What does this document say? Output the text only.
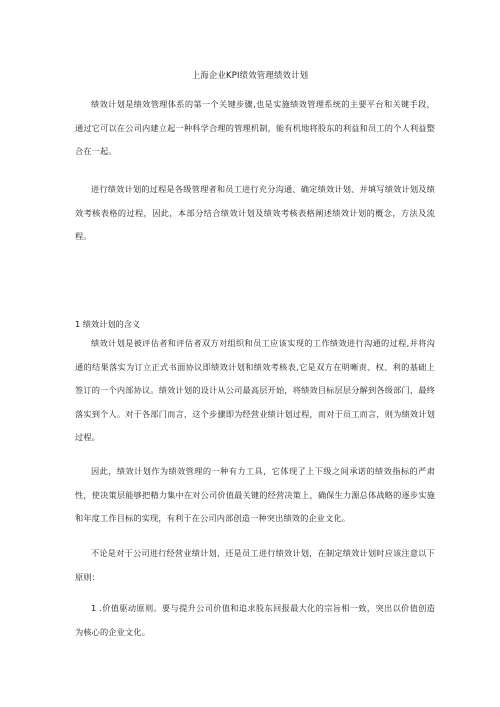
上海企业KPI绩效管理绩效计划

绩效计划是绩效管理体系的第一个关键步骤,也是实施绩效管理系统的主要平台和关键手段，通过它可以在公司内建立起一种科学合理的管理机制，能有机地将股东的利益和员工的个人利益整合在一起。

进行绩效计划的过程是各级管理者和员工进行充分沟通、确定绩效计划、并填写绩效计划及绩效考核表格的过程，因此，本部分结合绩效计划及绩效考核表格阐述绩效计划的概念，方法及流程。

1 绩效计划的含义

绩效计划是被评估者和评估者双方对组织和员工应该实现的工作绩效进行沟通的过程,并将沟通的结果落实为订立正式书面协议即绩效计划和绩效考核表,它是双方在明晰责、权、利的基础上签订的一个内部协议。绩效计划的设计从公司最高层开始，将绩效目标层层分解到各级部门，最终落实到个人。对于各部门而言，这个步骤即为经营业绩计划过程，而对于员工而言，则为绩效计划过程。

因此，绩效计划作为绩效管理的一种有力工具，它体现了上下级之间承诺的绩效指标的严肃性，使决策层能够把精力集中在对公司价值最关键的经营决策上，确保生力源总体战略的逐步实施和年度工作目标的实现，有利于在公司内部创造一种突出绩效的企业文化。

不论是对于公司进行经营业绩计划，还是员工进行绩效计划，在制定绩效计划时应该注意以下原则：

1 .价值驱动原则。要与提升公司价值和追求股东回报最大化的宗旨相一致，突出以价值创造为核心的企业文化。
